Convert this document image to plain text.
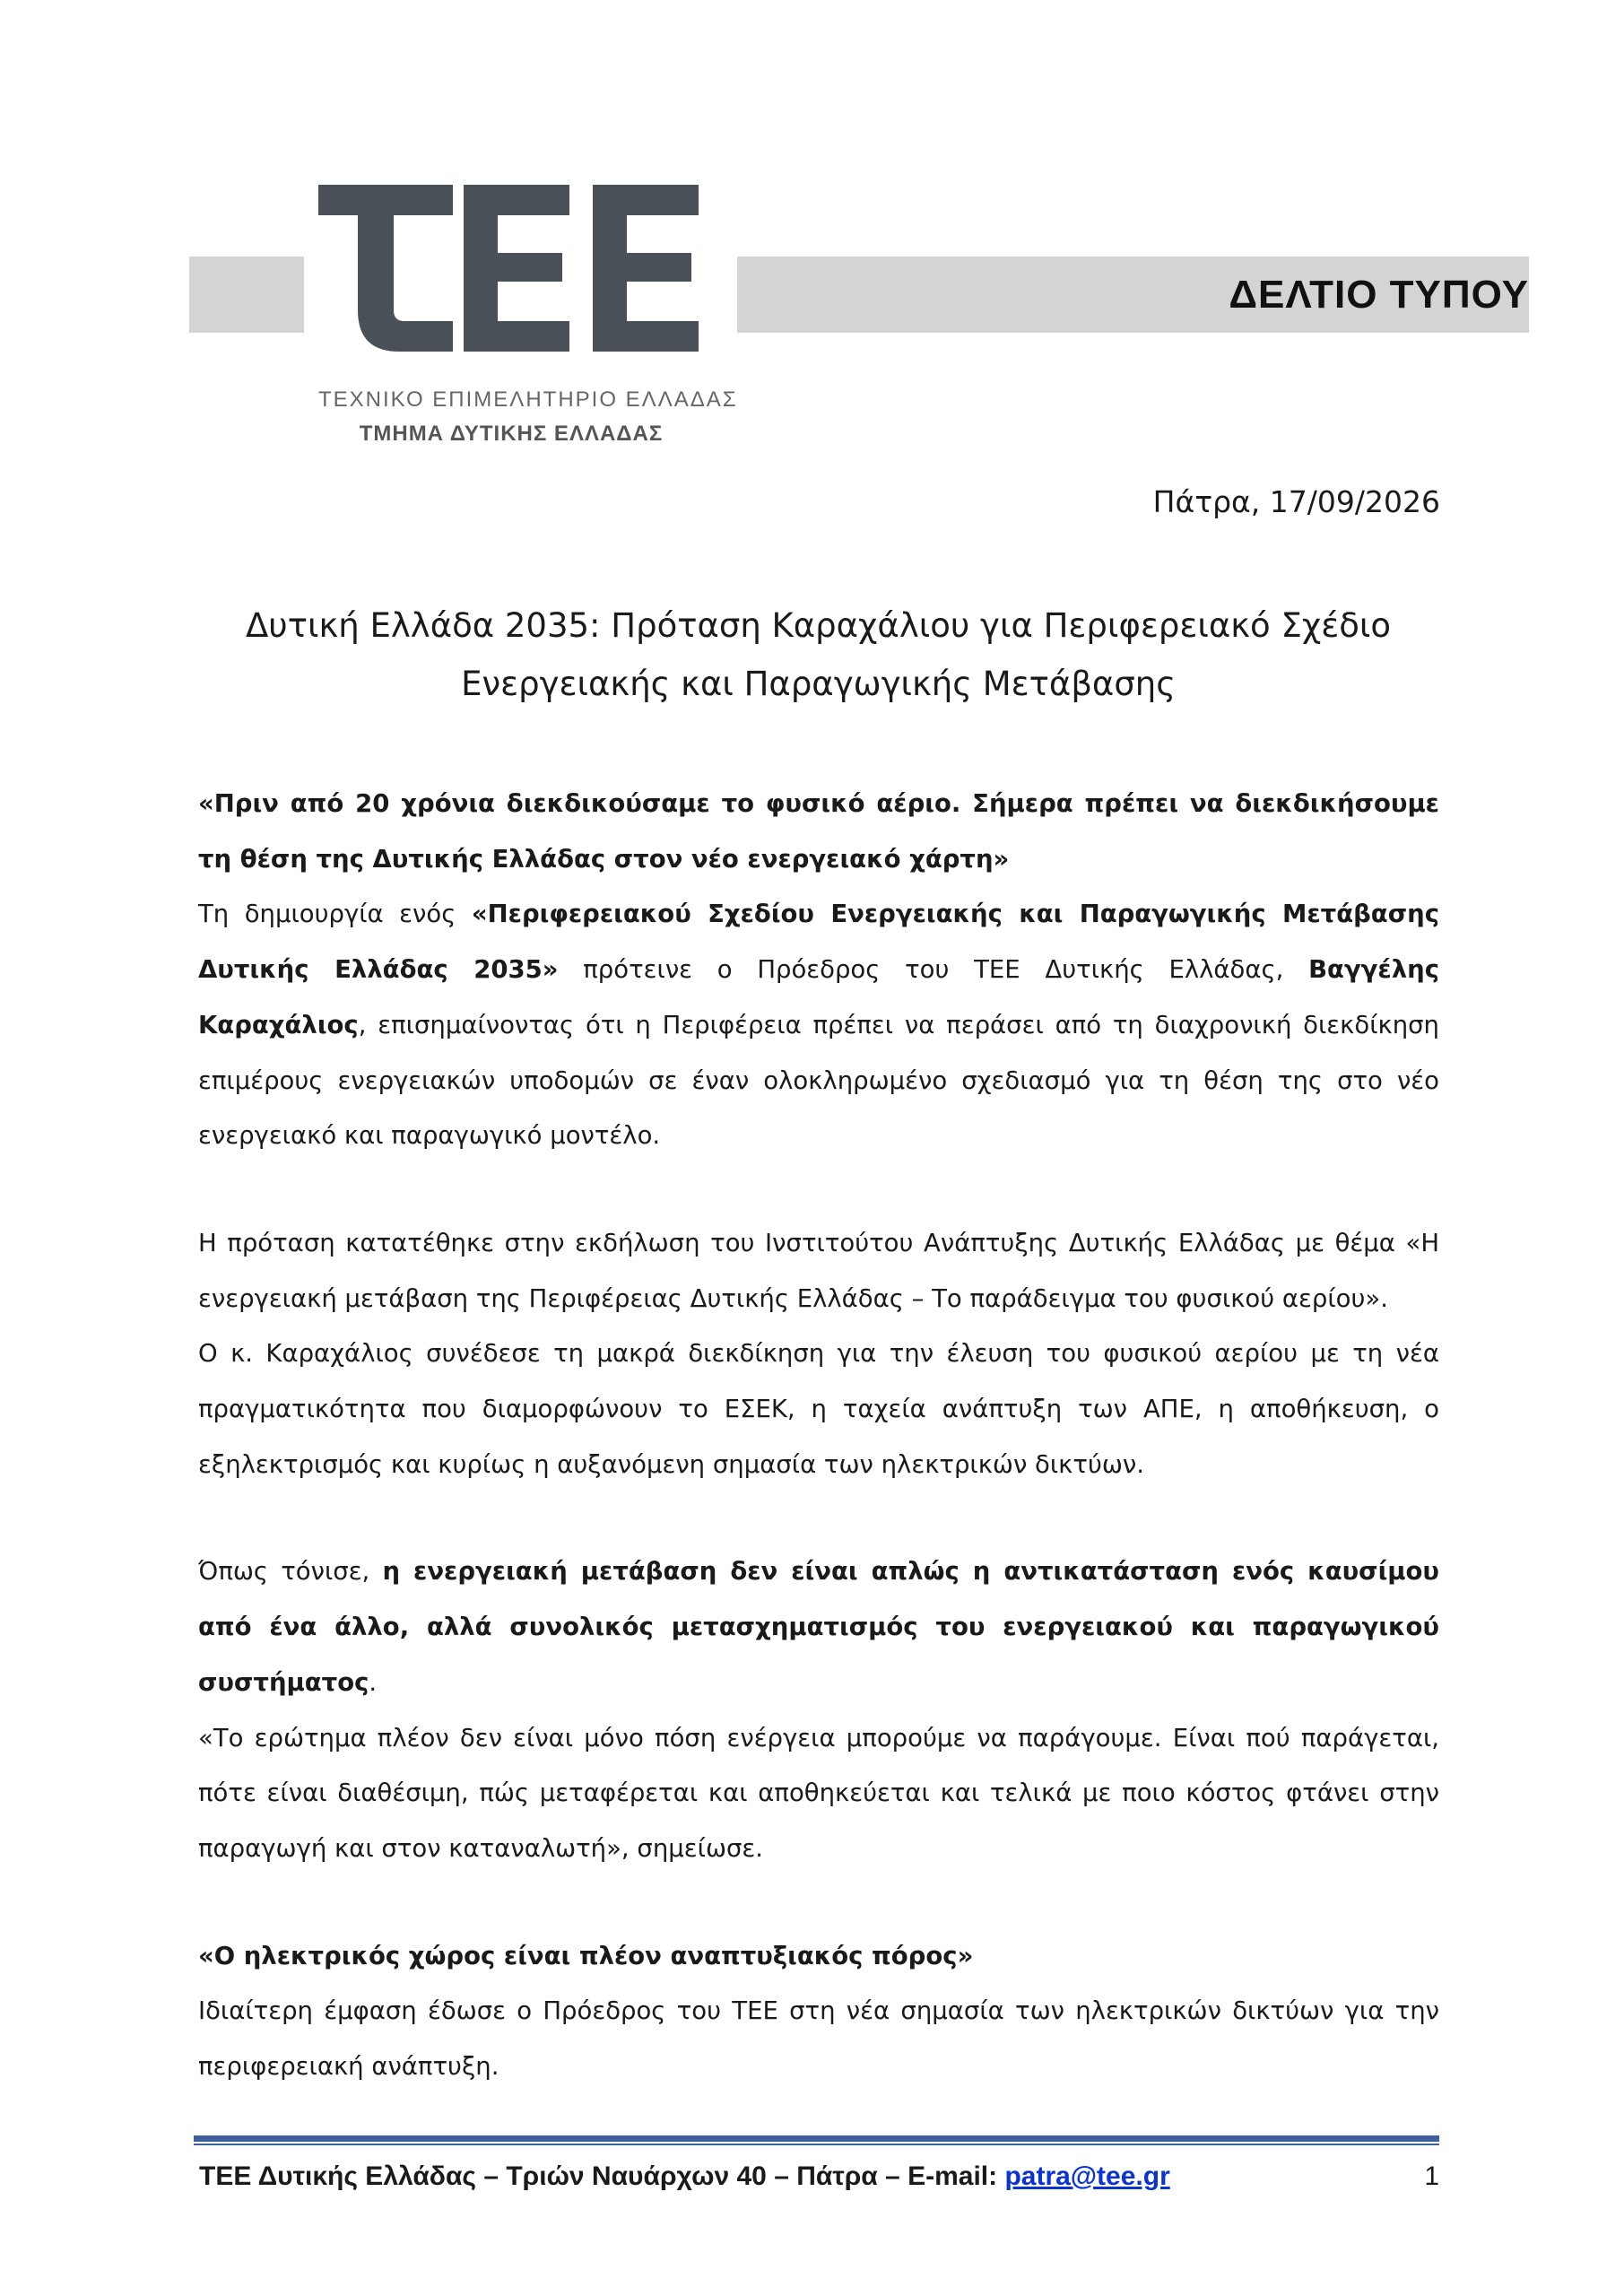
ΔΕΛΤΙΟ ΤΥΠΟΥ
ΤΕΧΝΙΚΟ ΕΠΙΜΕΛΗΤΗΡΙΟ ΕΛΛΑΔΑΣ
ΤΜΗΜΑ ΔΥΤΙΚΗΣ ΕΛΛΑΔΑΣ
Πάτρα, 17/09/2026
Δυτική Ελλάδα 2035: Πρόταση Καραχάλιου για Περιφερειακό Σχέδιο
Ενεργειακής και Παραγωγικής Μετάβασης

«Πριν από 20 χρόνια διεκδικούσαμε το φυσικό αέριο. Σήμερα πρέπει να διεκδικήσουμε τη θέση της Δυτικής Ελλάδας στον νέο ενεργειακό χάρτη»

Τη δημιουργία ενός «Περιφερειακού Σχεδίου Ενεργειακής και Παραγωγικής Μετάβασης Δυτικής Ελλάδας 2035» πρότεινε ο Πρόεδρος του ΤΕΕ Δυτικής Ελλάδας, Βαγγέλης Καραχάλιος, επισημαίνοντας ότι η Περιφέρεια πρέπει να περάσει από τη διαχρονική διεκδίκηση επιμέρους ενεργειακών υποδομών σε έναν ολοκληρωμένο σχεδιασμό για τη θέση της στο νέο ενεργειακό και παραγωγικό μοντέλο.

Η πρόταση κατατέθηκε στην εκδήλωση του Ινστιτούτου Ανάπτυξης Δυτικής Ελλάδας με θέμα «Η ενεργειακή μετάβαση της Περιφέρειας Δυτικής Ελλάδας – Το παράδειγμα του φυσικού αερίου».

Ο κ. Καραχάλιος συνέδεσε τη μακρά διεκδίκηση για την έλευση του φυσικού αερίου με τη νέα πραγματικότητα που διαμορφώνουν το ΕΣΕΚ, η ταχεία ανάπτυξη των ΑΠΕ, η αποθήκευση, ο εξηλεκτρισμός και κυρίως η αυξανόμενη σημασία των ηλεκτρικών δικτύων.

Όπως τόνισε, η ενεργειακή μετάβαση δεν είναι απλώς η αντικατάσταση ενός καυσίμου από ένα άλλο, αλλά συνολικός μετασχηματισμός του ενεργειακού και παραγωγικού συστήματος.

«Το ερώτημα πλέον δεν είναι μόνο πόση ενέργεια μπορούμε να παράγουμε. Είναι πού παράγεται, πότε είναι διαθέσιμη, πώς μεταφέρεται και αποθηκεύεται και τελικά με ποιο κόστος φτάνει στην παραγωγή και στον καταναλωτή», σημείωσε.

«Ο ηλεκτρικός χώρος είναι πλέον αναπτυξιακός πόρος»

Ιδιαίτερη έμφαση έδωσε ο Πρόεδρος του ΤΕΕ στη νέα σημασία των ηλεκτρικών δικτύων για την περιφερειακή ανάπτυξη.

ΤΕΕ Δυτικής Ελλάδας – Τριών Ναυάρχων 40 – Πάτρα – E-mail: patra@tee.gr	1
